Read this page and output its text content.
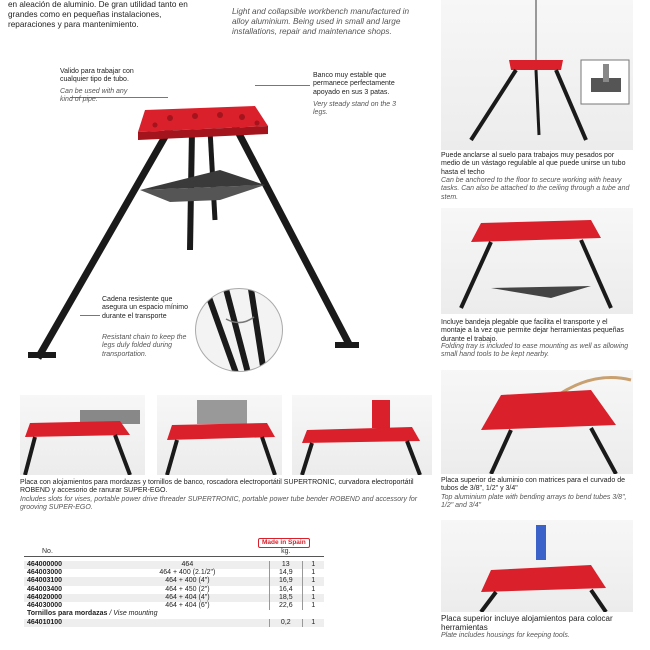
en aleación de aluminio. De gran utilidad tanto en grandes como en pequeñas instalaciones, reparaciones y para mantenimiento.
Light and collapsible workbench manufactured in alloy aluminium. Being used in small and large installations, repair and maintenance shops.
Valido para trabajar con cualquier tipo de tubo.
Can be used with any kind of pipe.
Banco muy estable que permanece perfectamente apoyado en sus 3 patas.
Very steady stand on the 3 legs.
Cadena resistente que asegura un espacio mínimo durante el transporte
Resistant chain to keep the legs duly folded during transportation.
Puede anclarse al suelo para trabajos muy pesados por medio de un vástago regulable al que puede unirse un tubo hasta el techo
Can be anchored to the floor to secure working with heavy tasks. Can also be attached to the ceiling through a tube and stem.
Incluye bandeja plegable que facilita el transporte y el montaje a la vez que permite dejar herramientas pequeñas durante el trabajo.
Folding tray is included to ease mounting as well as allowing small hand tools to be kept nearby.
Placa superior de aluminio con matrices para el curvado de tubos de 3/8", 1/2" y 3/4"
Top aluminium plate with bending arrays to bend tubes 3/8", 1/2" and 3/4"
Placa superior incluye alojamientos para colocar herramientas
Plate includes housings for keeping tools.
Placa con alojamientos para mordazas y tornillos de banco, roscadora electroportátil SUPERTRONIC, curvadora electroportátil ROBEND y accesorio de ranurar SUPER-EGO.
Includes slots for vises, portable power drive threader SUPERTRONIC, portable power tube bender ROBEND and accessory for grooving SUPER-EGO.
Made in Spain
No.		kg.	

464000000	464	13	1
464003000	464 + 400 (2.1/2")	14,9	1
464003100	464 + 400 (4")	16,9	1
464003400	464 + 450 (2")	16,4	1
464020000	464 + 404 (4")	18,5	1
464030000	464 + 404 (6")	22,6	1
Tornillos para mordazas / Vise mounting			
464010100		0,2	1
